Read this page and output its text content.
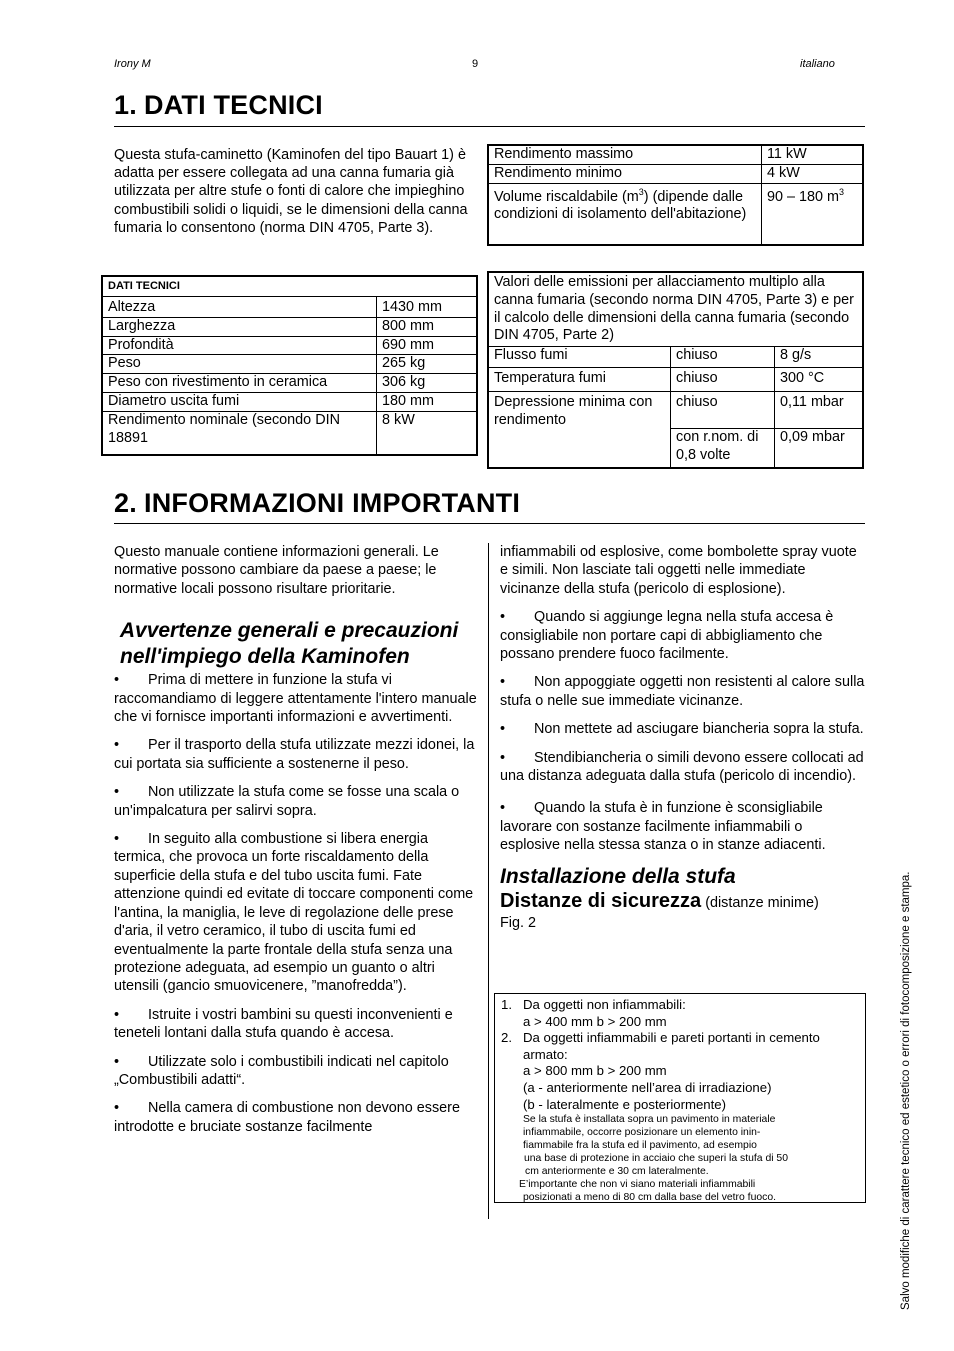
Irony M	9	italiano
1. DATI TECNICI
Questa stufa-caminetto (Kaminofen del tipo Bauart 1) è adatta per essere collegata ad una canna fumaria già utilizzata per altre stufe o fonti di calore che impieghino combustibili solidi o liquidi, se le dimensioni della canna fumaria lo consentono (norma DIN 4705, Parte 3).
Rendimento massimo	11 kW
Rendimento minimo	4 kW
Volume riscaldabile $(m^3)$ (dipende dalle condizioni di isolamento dell'abitazione)	90 – 180 $m^3$
DATI TECNICI	
Altezza	1430 mm
Larghezza	800 mm
Profondità	690 mm
Peso	265 kg
Peso con rivestimento in ceramica	306 kg
Diametro uscita fumi	180 mm
Rendimento nominale (secondo DIN 18891	8 kW
Valori delle emissioni per allacciamento multiplo alla canna fumaria (secondo norma DIN 4705, Parte 3) e per il calcolo delle dimensioni della canna fumaria (secondo DIN 4705, Parte 2)		
Flusso fumi	chiuso	8 g/s
Temperatura fumi	chiuso	300 °C
Depressione minima con rendimento	chiuso	0,11 mbar
	con r.nom. di 0,8 volte	0,09 mbar
2. INFORMAZIONI IMPORTANTI
Questo manuale contiene informazioni generali. Le normative possono cambiare da paese a paese; le normative locali possono risultare prioritarie.
Avvertenze generali e precauzioni nell'impiego della Kaminofen
• Prima di mettere in funzione la stufa vi raccomandiamo di leggere attentamente l'intero manuale che vi fornisce importanti informazioni e avvertimenti.
• Per il trasporto della stufa utilizzate mezzi idonei, la cui portata sia sufficiente a sostenerne il peso.
• Non utilizzate la stufa come se fosse una scala o un'impalcatura per salirvi sopra.
• In seguito alla combustione si libera energia termica, che provoca un forte riscaldamento della superficie della stufa e del tubo uscita fumi. Fate attenzione quindi ed evitate di toccare componenti come l'antina, la maniglia, le leve di regolazione delle prese d'aria, il vetro ceramico, il tubo di uscita fumi ed eventualmente la parte frontale della stufa senza una protezione adeguata, ad esempio un guanto o altri utensili (gancio smuovicenere, ”manofredda”).
• Istruite i vostri bambini su questi inconvenienti e teneteli lontani dalla stufa quando è accesa.
• Utilizzate solo i combustibili indicati nel capitolo „Combustibili adatti“.
• Nella camera di combustione non devono essere introdotte e bruciate sostanze facilmente
infiammabili od esplosive, come bombolette spray vuote e simili. Non lasciate tali oggetti nelle immediate vicinanze della stufa (pericolo di esplosione).
• Quando si aggiunge legna nella stufa accesa è consigliabile non portare capi di abbigliamento che possano prendere fuoco facilmente.
• Non appoggiate oggetti non resistenti al calore sulla stufa o nelle sue immediate vicinanze.
• Non mettete ad asciugare biancheria sopra la stufa.
• Stendibiancheria o simili devono essere collocati ad una distanza adeguata dalla stufa (pericolo di incendio).
• Quando la stufa è in funzione è sconsigliabile lavorare con sostanze facilmente infiammabili o esplosive nella stessa stanza o in stanze adiacenti.
Installazione della stufa
Distanze di sicurezza (distanze minime)
Fig. 2
1. Da oggetti non infiammabili:
a > 400 mm b > 200 mm
2. Da oggetti infiammabili e pareti portanti in cemento armato:
a > 800 mm b > 200 mm
(a - anteriormente nell’area di irradiazione)
(b - lateralmente e posteriormente)
Se la stufa è installata sopra un pavimento in materiale
infiammabile, occorre posizionare un elemento inin-
fiammabile fra la stufa ed il pavimento, ad esempio
una base di protezione in acciaio che superi la stufa di 50
cm anteriormente e 30 cm lateralmente.
E’importante che non vi siano materiali infiammabili
posizionati a meno di 80 cm dalla base del vetro fuoco.	Salvo modifiche di carattere tecnico ed estetico o errori di fotocomposizione e stampa.
